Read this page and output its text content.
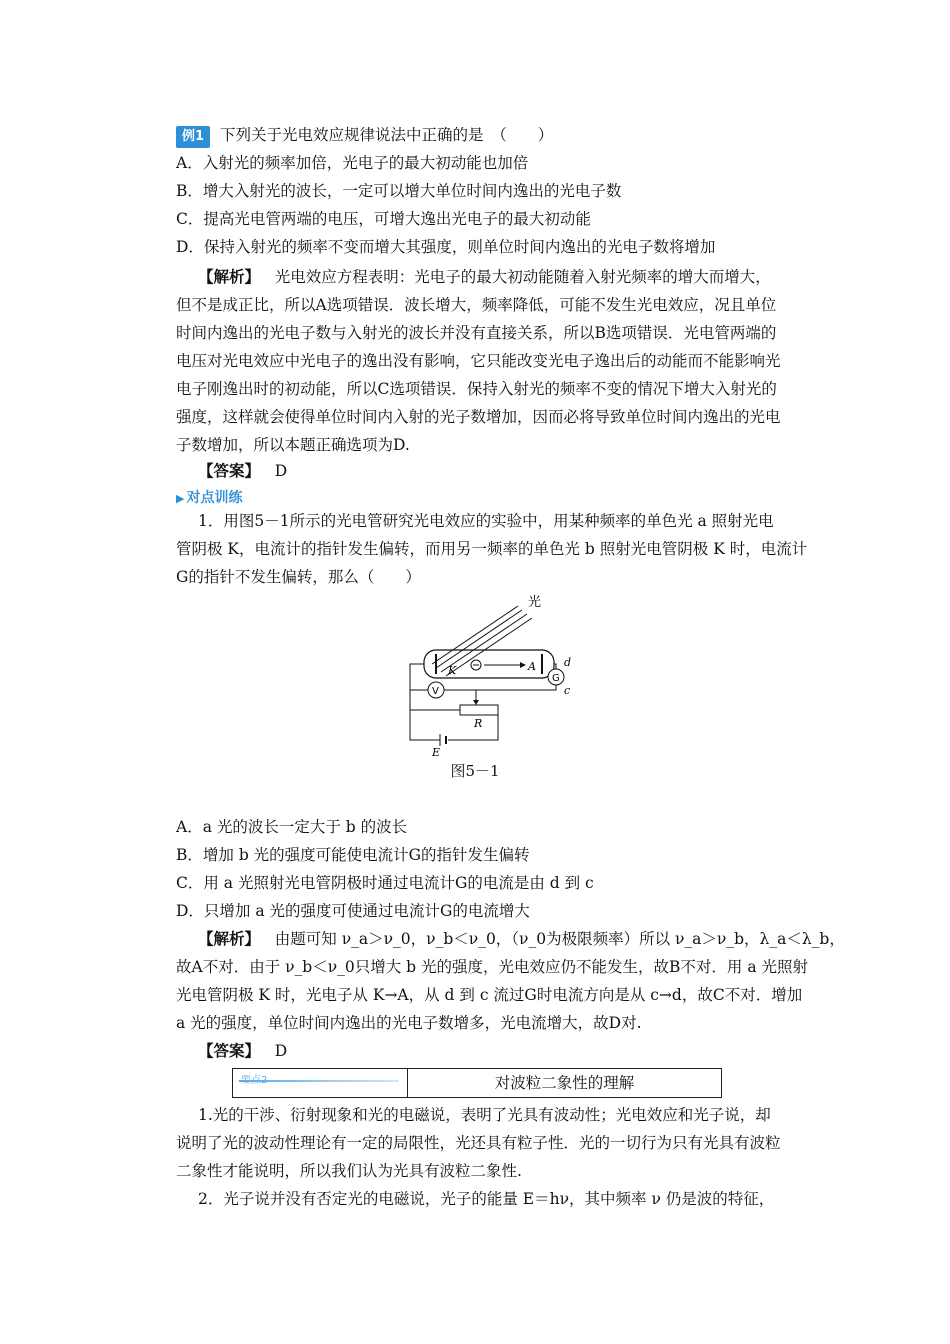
例1 下列关于光电效应规律说法中正确的是　（　　）
A．入射光的频率加倍，光电子的最大初动能也加倍
B．增大入射光的波长，一定可以增大单位时间内逸出的光电子数
C．提高光电管两端的电压，可增大逸出光电子的最大初动能
D．保持入射光的频率不变而增大其强度，则单位时间内逸出的光电子数将增加
【解析】 光电效应方程表明：光电子的最大初动能随着入射光频率的增大而增大，
但不是成正比，所以A选项错误．波长增大，频率降低，可能不发生光电效应，况且单位
时间内逸出的光电子数与入射光的波长并没有直接关系，所以B选项错误．光电管两端的
电压对光电效应中光电子的逸出没有影响，它只能改变光电子逸出后的动能而不能影响光
电子刚逸出时的初动能，所以C选项错误．保持入射光的频率不变的情况下增大入射光的
强度，这样就会使得单位时间内入射的光子数增加，因而必将导致单位时间内逸出的光电
子数增加，所以本题正确选项为D.
【答案】 D
▶ 对点训练
1．用图5－1所示的光电管研究光电效应的实验中，用某种频率的单色光 a 照射光电
管阴极 K，电流计的指针发生偏转，而用另一频率的单色光 b 照射光电管阴极 K 时，电流计
G的指针不发生偏转，那么（　　）
光
K	A
V
G
d
c
R
E
图5－1
A．a 光的波长一定大于 b 的波长
B．增加 b 光的强度可能使电流计G的指针发生偏转
C．用 a 光照射光电管阴极时通过电流计G的电流是由 d 到 c
D．只增加 a 光的强度可使通过电流计G的电流增大
【解析】 由题可知 ν_a＞ν_0，ν_b＜ν_0，（ν_0为极限频率）所以 ν_a＞ν_b，λ_a＜λ_b，
故A不对．由于 ν_b＜ν_0只增大 b 光的强度，光电效应仍不能发生，故B不对．用 a 光照射
光电管阴极 K 时，光电子从 K→A，从 d 到 c 流过G时电流方向是从 c→d，故C不对．增加
a 光的强度，单位时间内逸出的光电子数增多，光电流增大，故D对.
【答案】 D
对波粒二象性的理解
1.光的干涉、衍射现象和光的电磁说，表明了光具有波动性；光电效应和光子说，却
说明了光的波动性理论有一定的局限性，光还具有粒子性．光的一切行为只有光具有波粒
二象性才能说明，所以我们认为光具有波粒二象性.
2．光子说并没有否定光的电磁说，光子的能量 E＝hν，其中频率 ν 仍是波的特征，
